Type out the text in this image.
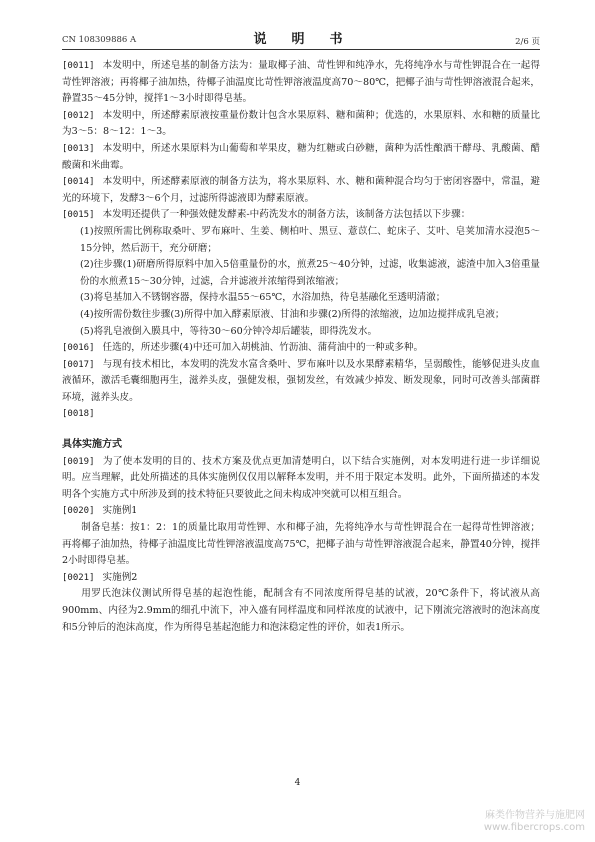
CN 108309886 A	说　明　书	2/6 页

[0011] 本发明中，所述皂基的制备方法为：量取椰子油、苛性钾和纯净水，先将纯净水与苛性钾混合在一起得苛性钾溶液；再将椰子油加热，待椰子油温度比苛性钾溶液温度高70～80℃，把椰子油与苛性钾溶液混合起来，静置35～45分钟，搅拌1～3小时即得皂基。

[0012] 本发明中，所述酵素原液按重量份数计包含水果原料、糖和菌种；优选的，水果原料、水和糖的质量比为3～5：8～12：1～3。

[0013] 本发明中，所述水果原料为山葡萄和苹果皮，糖为红糖或白砂糖，菌种为活性酿酒干酵母、乳酸菌、醋酸菌和米曲霉。

[0014] 本发明中，所述酵素原液的制备方法为，将水果原料、水、糖和菌种混合均匀于密闭容器中，常温，避光的环境下，发酵3～6个月，过滤所得滤液即为酵素原液。

[0015] 本发明还提供了一种强效健发酵素-中药洗发水的制备方法，该制备方法包括以下步骤：

(1)按照所需比例称取桑叶、罗布麻叶、生姜、侧柏叶、黑豆、薏苡仁、蛇床子、艾叶、皂荚加清水浸泡5～15分钟，然后沥干，充分研磨；

(2)往步骤(1)研磨所得原料中加入5倍重量份的水，煎煮25～40分钟，过滤，收集滤液，滤渣中加入3倍重量份的水煎煮15～30分钟，过滤，合并滤液并浓缩得到浓缩液；

(3)将皂基加入不锈钢容器，保持水温55～65℃，水浴加热，待皂基融化至透明清澈；

(4)按所需份数往步骤(3)所得中加入酵素原液、甘油和步骤(2)所得的浓缩液，边加边搅拌成乳皂液；

(5)将乳皂液倒入膜具中，等待30～60分钟冷却后罐装，即得洗发水。

[0016] 任选的，所述步骤(4)中还可加入胡桃油、竹沥油、蒲荷油中的一种或多种。

[0017] 与现有技术相比，本发明的洗发水富含桑叶、罗布麻叶以及水果酵素精华，呈弱酸性，能够促进头皮血液循环，激活毛囊细胞再生，滋养头皮，强健发根，强韧发丝，有效减少掉发、断发现象，同时可改善头部菌群环境，滋养头皮。

[0018]

具体实施方式

[0019] 为了使本发明的目的、技术方案及优点更加清楚明白，以下结合实施例，对本发明进行进一步详细说明。应当理解，此处所描述的具体实施例仅仅用以解释本发明，并不用于限定本发明。此外，下面所描述的本发明各个实施方式中所涉及到的技术特征只要彼此之间未构成冲突就可以相互组合。

[0020] 实施例1

制备皂基：按1：2：1的质量比取用苛性钾、水和椰子油，先将纯净水与苛性钾混合在一起得苛性钾溶液；再将椰子油加热，待椰子油温度比苛性钾溶液温度高75℃，把椰子油与苛性钾溶液混合起来，静置40分钟，搅拌2小时即得皂基。

[0021] 实施例2

用罗氏泡沫仪测试所得皂基的起泡性能，配制含有不同浓度所得皂基的试液，20℃条件下，将试液从高900mm、内径为2.9mm的细孔中流下，冲入盛有同样温度和同样浓度的试液中，记下刚流完溶液时的泡沫高度和5分钟后的泡沫高度，作为所得皂基起泡能力和泡沫稳定性的评价，如表1所示。

4
麻类作物营养与施肥网
www.fibercrops.com
